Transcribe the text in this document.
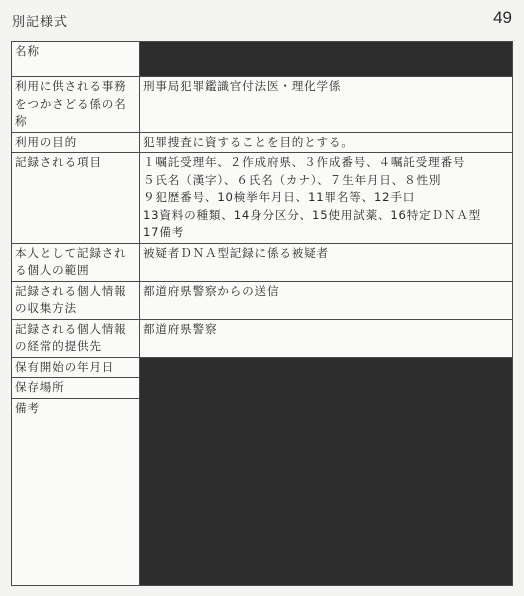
別記様式	49
名称	
利用に供される事務をつかさどる係の名称	刑事局犯罪鑑識官付法医・理化学係
利用の目的	犯罪捜査に資することを目的とする。
記録される項目	１嘱託受理年、２作成府県、３作成番号、４嘱託受理番号
５氏名（漢字）、６氏名（カナ）、７生年月日、８性別
９犯歴番号、10検挙年月日、11罪名等、12手口
13資料の種類、14身分区分、15使用試薬、16特定ＤＮＡ型
17備考

本人として記録される個人の範囲	被疑者ＤＮＡ型記録に係る被疑者
記録される個人情報の収集方法	都道府県警察からの送信
記録される個人情報の経常的提供先	都道府県警察
保有開始の年月日	
保存場所	
備考	
